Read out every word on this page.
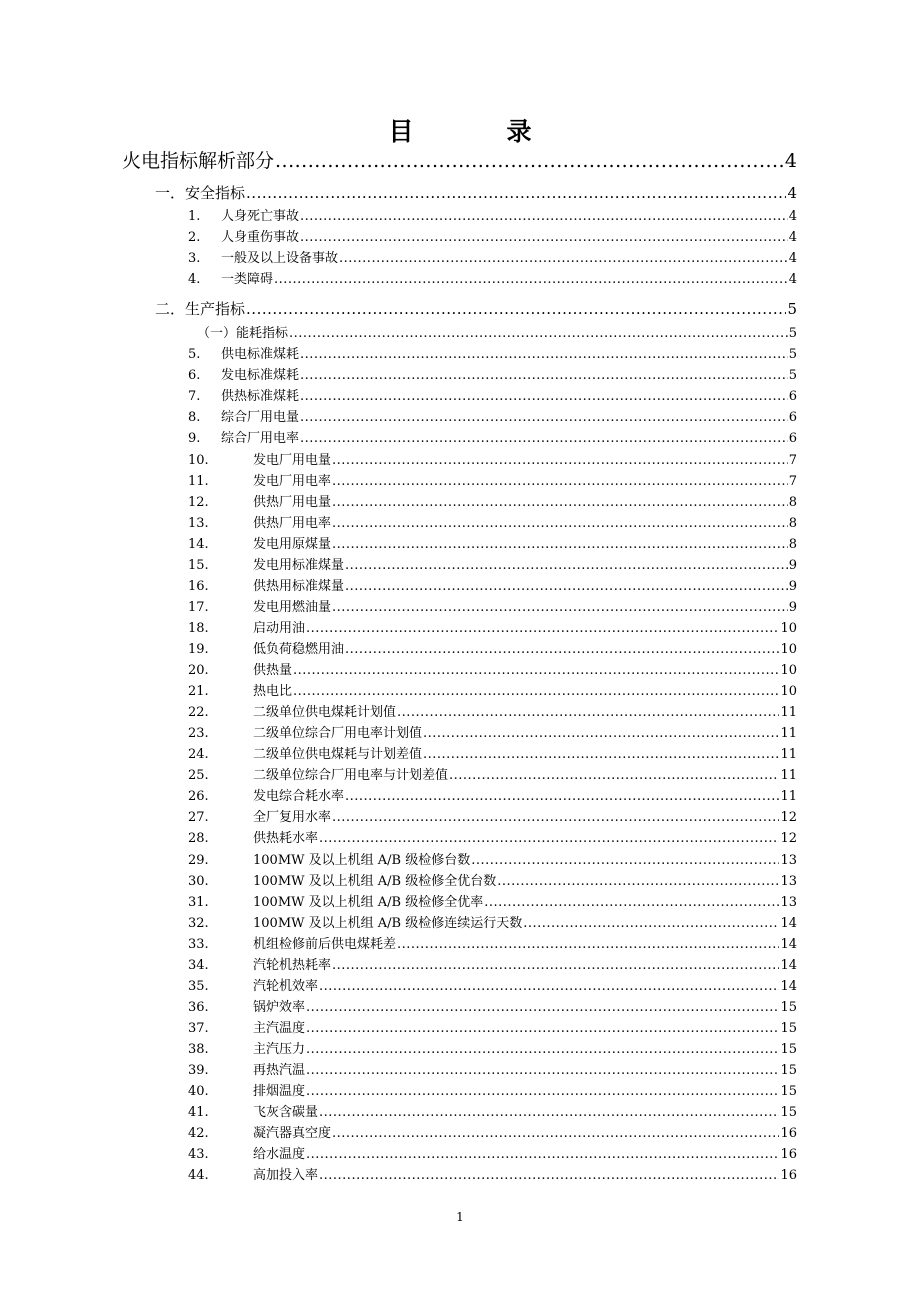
目　录
火电指标解析部分 .....	4
一． 安全指标 .....	4
1.	人身死亡事故 .....	4
2.	人身重伤事故 .....	4
3.	一般及以上设备事故 .....	4
4.	一类障碍 .....	4
二． 生产指标 .....	5
（一） 能耗指标 .....	5
5.	供电标准煤耗 .....	5
6.	发电标准煤耗 .....	5
7.	供热标准煤耗 .....	6
8.	综合厂用电量 .....	6
9.	综合厂用电率 .....	6
10.	发电厂用电量 .....	7
11.	发电厂用电率 .....	7
12.	供热厂用电量 .....	8
13.	供热厂用电率 .....	8
14.	发电用原煤量 .....	8
15.	发电用标准煤量 .....	9
16.	供热用标准煤量 .....	9
17.	发电用燃油量 .....	9
18.	启动用油 .....	10
19.	低负荷稳燃用油 .....	10
20.	供热量 .....	10
21.	热电比 .....	10
22.	二级单位供电煤耗计划值 .....	11
23.	二级单位综合厂用电率计划值 .....	11
24.	二级单位供电煤耗与计划差值 .....	11
25.	二级单位综合厂用电率与计划差值 .....	11
26.	发电综合耗水率 .....	11
27.	全厂复用水率 .....	12
28.	供热耗水率 .....	12
29.	100MW 及以上机组 A/B 级检修台数 .....	13
30.	100MW 及以上机组 A/B 级检修全优台数 .....	13
31.	100MW 及以上机组 A/B 级检修全优率 .....	13
32.	100MW 及以上机组 A/B 级检修连续运行天数 .....	14
33.	机组检修前后供电煤耗差 .....	14
34.	汽轮机热耗率 .....	14
35.	汽轮机效率 .....	14
36.	锅炉效率 .....	15
37.	主汽温度 .....	15
38.	主汽压力 .....	15
39.	再热汽温 .....	15
40.	排烟温度 .....	15
41.	飞灰含碳量 .....	15
42.	凝汽器真空度 .....	16
43.	给水温度 .....	16
44.	高加投入率 .....	16
1
